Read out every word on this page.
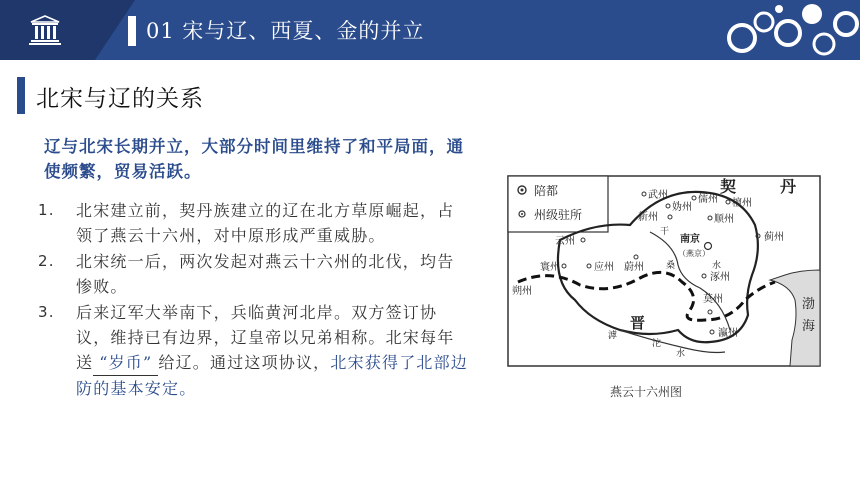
01 宋与辽、西夏、金的并立
北宋与辽的关系
辽与北宋长期并立，大部分时间里维持了和平局面，通使频繁，贸易活跃。
1. 北宋建立前，契丹族建立的辽在北方草原崛起，占领了燕云十六州，对中原形成严重威胁。
2. 北宋统一后，两次发起对燕云十六州的北伐，均告惨败。
3. 后来辽军大举南下，兵临黄河北岸。双方签订协议，维持已有边界，辽皇帝以兄弟相称。北宋每年送 “岁币” 给辽。通过这项协议，北宋获得了北部边防的基本安定。
陪都
州级驻所
渤
海
契	丹
晋
武州
妫州
儒州 檀州
新州	顺州
蓟州
云州	南京
（燕京）
寰州	应州 蔚州
涿州
朔州
莫州
瀛州
干
桑	水
滹
沱
水
燕云十六州图
